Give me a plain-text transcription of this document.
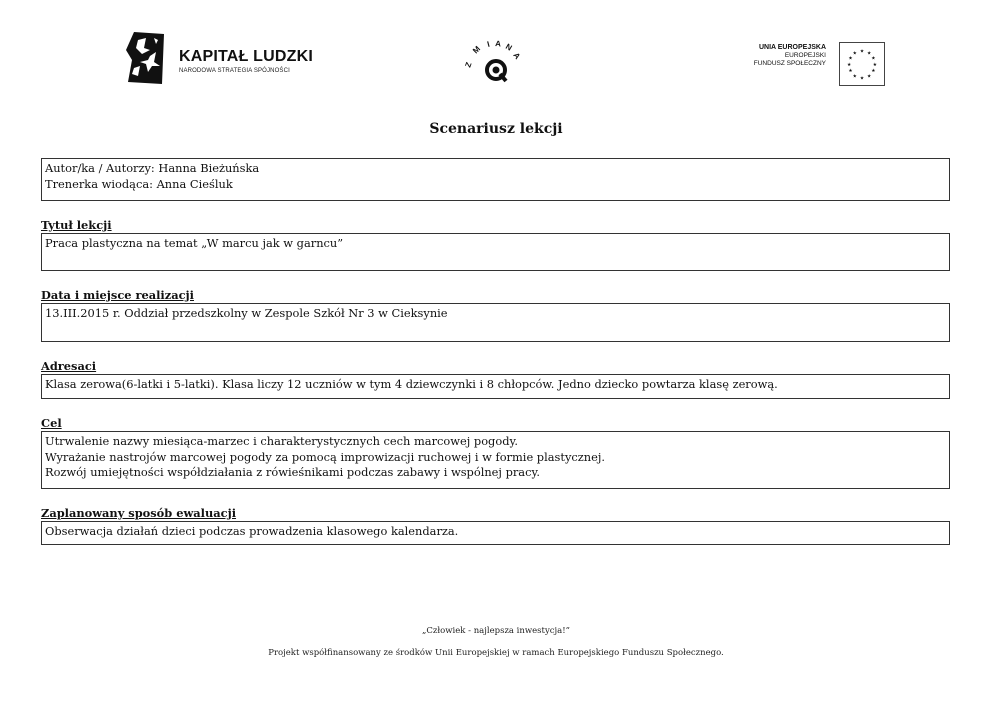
KAPITAŁ LUDZKI
NARODOWA STRATEGIA SPÓJNOŚCI
Z
M
I A N
A
UNIA EUROPEJSKA
EUROPEJSKI
FUNDUSZ SPOŁECZNY
★ ★
★
★
★
★
★
★
★
★
★
★
Scenariusz lekcji
Autor/ka / Autorzy: Hanna Bieżuńska
Trenerka wiodąca: Anna Cieśluk
Tytuł lekcji
Praca plastyczna na temat „W marcu jak w garncu”
Data i miejsce realizacji
13.III.2015 r. Oddział przedszkolny w Zespole Szkół Nr 3 w Cieksynie
Adresaci
Klasa zerowa(6-latki i 5-latki). Klasa liczy 12 uczniów w tym 4 dziewczynki i 8 chłopców. Jedno dziecko powtarza klasę zerową.
Cel
Utrwalenie nazwy miesiąca-marzec i charakterystycznych cech marcowej pogody.
Wyrażanie nastrojów marcowej pogody za pomocą improwizacji ruchowej i w formie plastycznej.
Rozwój umiejętności współdziałania z rówieśnikami podczas zabawy i wspólnej pracy.
Zaplanowany sposób ewaluacji
Obserwacja działań dzieci podczas prowadzenia klasowego kalendarza.
„Człowiek - najlepsza inwestycja!”
Projekt współfinansowany ze środków Unii Europejskiej w ramach Europejskiego Funduszu Społecznego.
